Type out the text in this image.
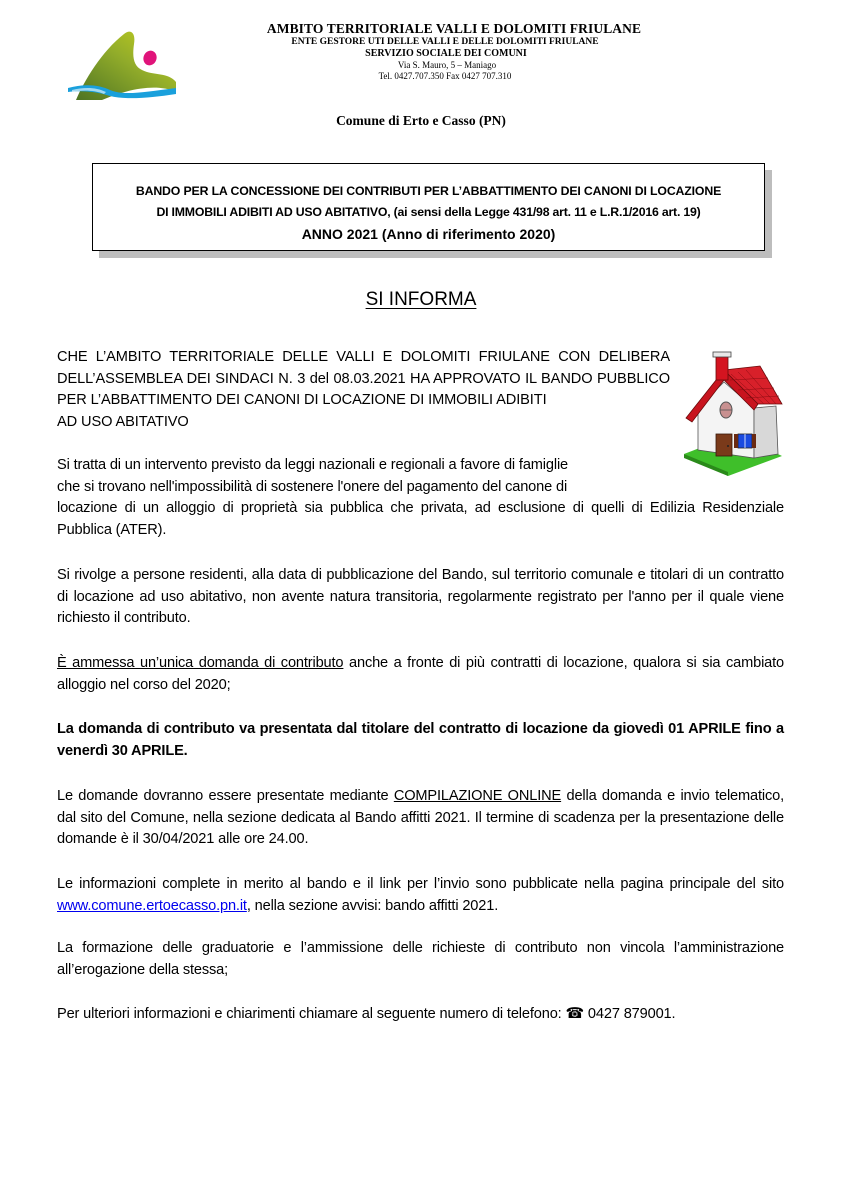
AMBITO TERRITORIALE VALLI E DOLOMITI FRIULANE
ENTE GESTORE UTI DELLE VALLI E DELLE DOLOMITI FRIULANE
SERVIZIO SOCIALE DEI COMUNI
Via S. Mauro, 5 – Maniago
Tel. 0427.707.350 Fax 0427 707.310
Comune di Erto e Casso (PN)
BANDO PER LA CONCESSIONE DEI CONTRIBUTI PER L’ABBATTIMENTO DEI CANONI DI LOCAZIONE
DI IMMOBILI ADIBITI AD USO ABITATIVO, (ai sensi della Legge 431/98 art. 11 e L.R.1/2016 art. 19)
ANNO 2021 (Anno di riferimento 2020)
SI INFORMA
CHE L’AMBITO TERRITORIALE DELLE VALLI E DOLOMITI FRIULANE CON DELIBERA DELL’ASSEMBLEA DEI SINDACI N. 3 del 08.03.2021 HA APPROVATO IL BANDO PUBBLICO PER L’ABBATTIMENTO DEI CANONI DI LOCAZIONE DI IMMOBILI ADIBITI
AD USO ABITATIVO
Si tratta di un intervento previsto da leggi nazionali e regionali a favore di famiglie
che si trovano nell'impossibilità di sostenere l'onere del pagamento del canone di
locazione di un alloggio di proprietà sia pubblica che privata, ad esclusione di quelli di Edilizia Residenziale Pubblica (ATER).
Si rivolge a persone residenti, alla data di pubblicazione del Bando, sul territorio comunale e titolari di un contratto di locazione ad uso abitativo, non avente natura transitoria, regolarmente registrato per l'anno per il quale viene richiesto il contributo.
È ammessa un’unica domanda di contributo anche a fronte di più contratti di locazione, qualora si sia cambiato alloggio nel corso del 2020;
La domanda di contributo va presentata dal titolare del contratto di locazione da giovedì 01 APRILE fino a venerdì 30 APRILE.
Le domande dovranno essere presentate mediante COMPILAZIONE ONLINE della domanda e invio telematico, dal sito del Comune, nella sezione dedicata al Bando affitti 2021. Il termine di scadenza per la presentazione delle domande è il 30/04/2021 alle ore 24.00.
Le informazioni complete in merito al bando e il link per l’invio sono pubblicate nella pagina principale del sito www.comune.ertoecasso.pn.it, nella sezione avvisi: bando affitti 2021.
La formazione delle graduatorie e l’ammissione delle richieste di contributo non vincola l’amministrazione all’erogazione della stessa;
Per ulteriori informazioni e chiarimenti chiamare al seguente numero di telefono: ☎ 0427 879001.
